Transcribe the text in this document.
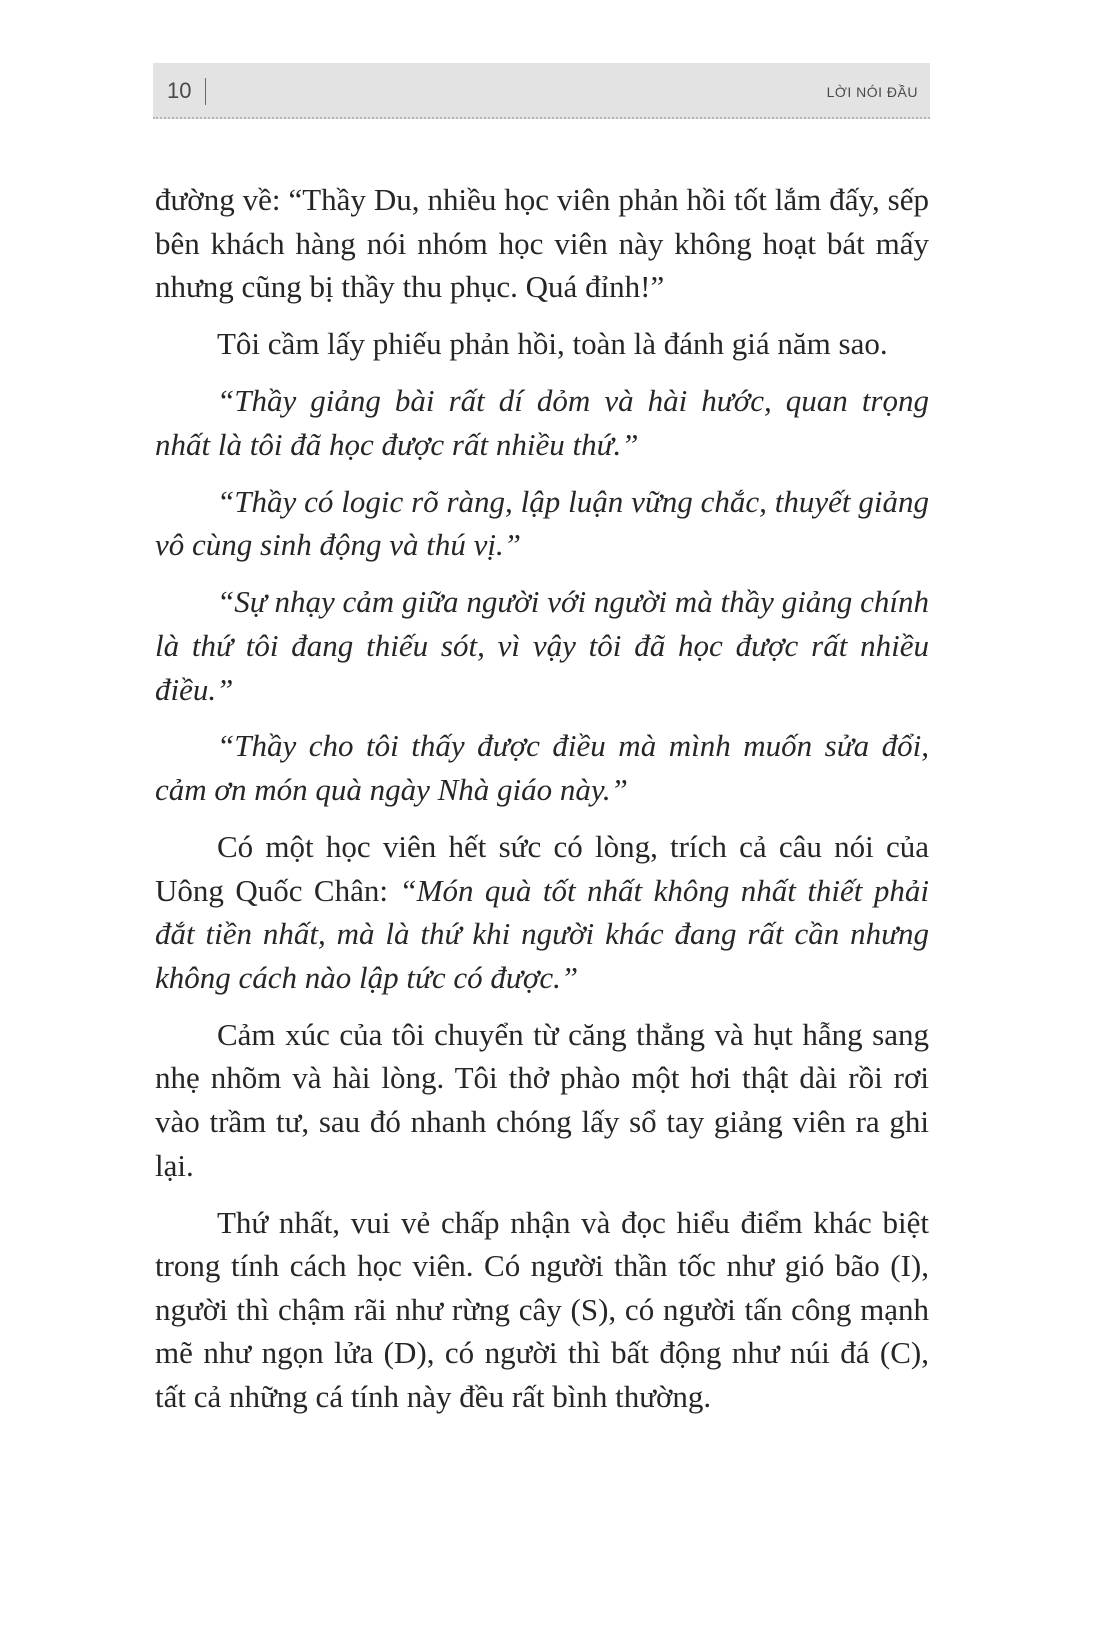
10	LỜI NÓI ĐẦU

đường về: “Thầy Du, nhiều học viên phản hồi tốt lắm đấy, sếp bên khách hàng nói nhóm học viên này không hoạt bát mấy nhưng cũng bị thầy thu phục. Quá đỉnh!”

Tôi cầm lấy phiếu phản hồi, toàn là đánh giá năm sao.

“Thầy giảng bài rất dí dỏm và hài hước, quan trọng nhất là tôi đã học được rất nhiều thứ.”

“Thầy có logic rõ ràng, lập luận vững chắc, thuyết giảng vô cùng sinh động và thú vị.”

“Sự nhạy cảm giữa người với người mà thầy giảng chính là thứ tôi đang thiếu sót, vì vậy tôi đã học được rất nhiều điều.”

“Thầy cho tôi thấy được điều mà mình muốn sửa đổi, cảm ơn món quà ngày Nhà giáo này.”

Có một học viên hết sức có lòng, trích cả câu nói của Uông Quốc Chân: “Món quà tốt nhất không nhất thiết phải đắt tiền nhất, mà là thứ khi người khác đang rất cần nhưng không cách nào lập tức có được.”

Cảm xúc của tôi chuyển từ căng thẳng và hụt hẫng sang nhẹ nhõm và hài lòng. Tôi thở phào một hơi thật dài rồi rơi vào trầm tư, sau đó nhanh chóng lấy sổ tay giảng viên ra ghi lại.

Thứ nhất, vui vẻ chấp nhận và đọc hiểu điểm khác biệt trong tính cách học viên. Có người thần tốc như gió bão (I), người thì chậm rãi như rừng cây (S), có người tấn công mạnh mẽ như ngọn lửa (D), có người thì bất động như núi đá (C), tất cả những cá tính này đều rất bình thường.
